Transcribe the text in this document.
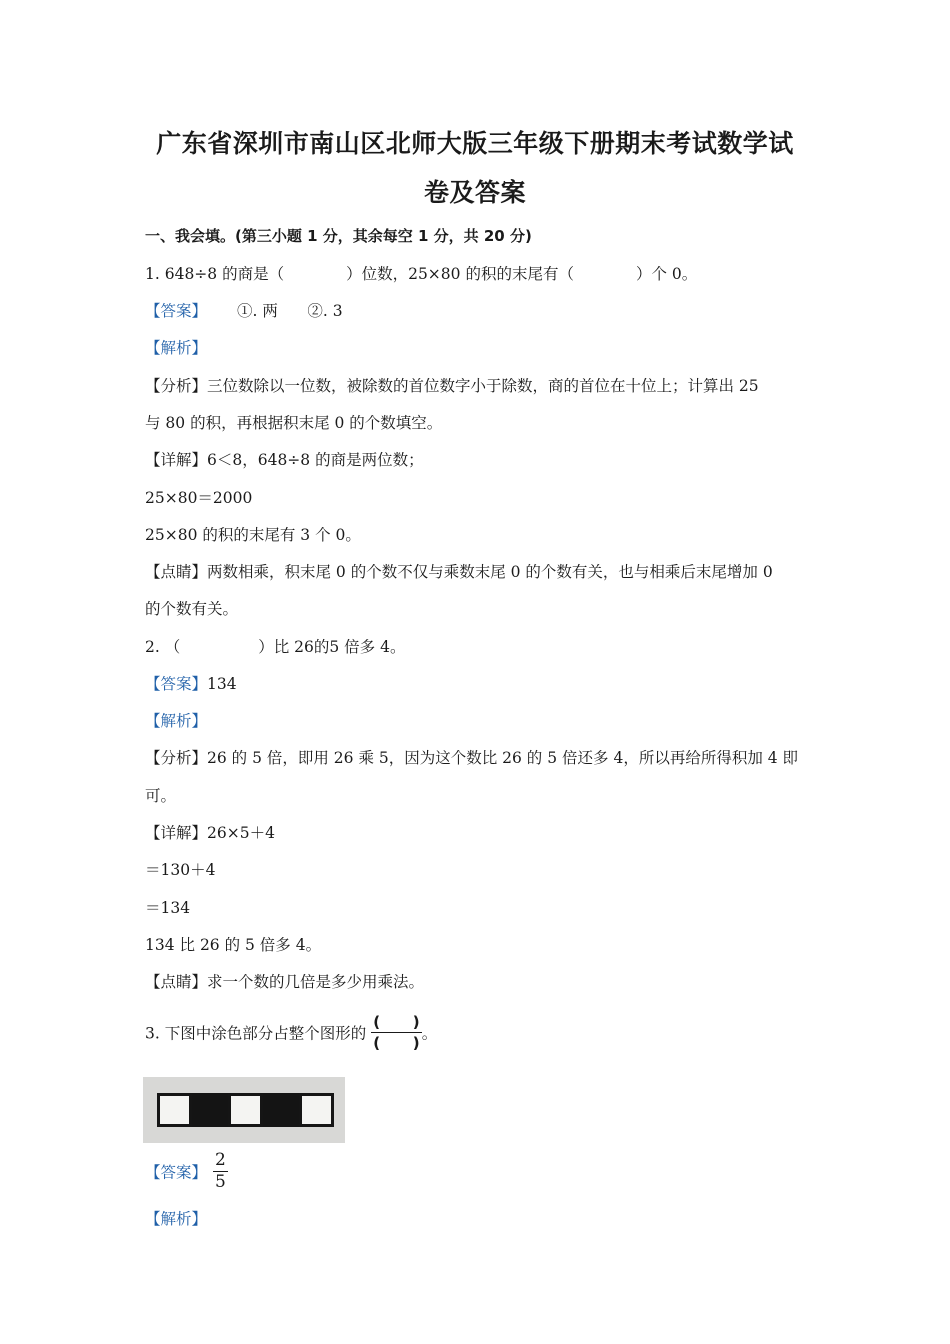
广东省深圳市南山区北师大版三年级下册期末考试数学试
卷及答案

一、我会填。(第三小题 1 分，其余每空 1 分，共 20 分)

1. 648÷8 的商是（	）位数，25×80 的积的末尾有（	）个 0。

【答案】 ①. 两      ②. 3

【解析】

【分析】三位数除以一位数，被除数的首位数字小于除数，商的首位在十位上；计算出 25

与 80 的积，再根据积末尾 0 的个数填空。

【详解】6＜8，648÷8 的商是两位数；

25×80＝2000

25×80 的积的末尾有 3 个 0。

【点睛】两数相乘，积末尾 0 的个数不仅与乘数末尾 0 的个数有关，也与相乘后末尾增加 0

的个数有关。

2. （	）比 26的5 倍多 4。

【答案】134

【解析】

【分析】26 的 5 倍，即用 26 乘 5，因为这个数比 26 的 5 倍还多 4，所以再给所得积加 4 即

可。

【详解】26×5＋4

＝130＋4

＝134

134 比 26 的 5 倍多 4。

【点睛】求一个数的几倍是多少用乘法。

3. 下图中涂色部分占整个图形的 $\frac{( )}{( )}$ 。
【答案】 $\frac{2}{5}$

【解析】
